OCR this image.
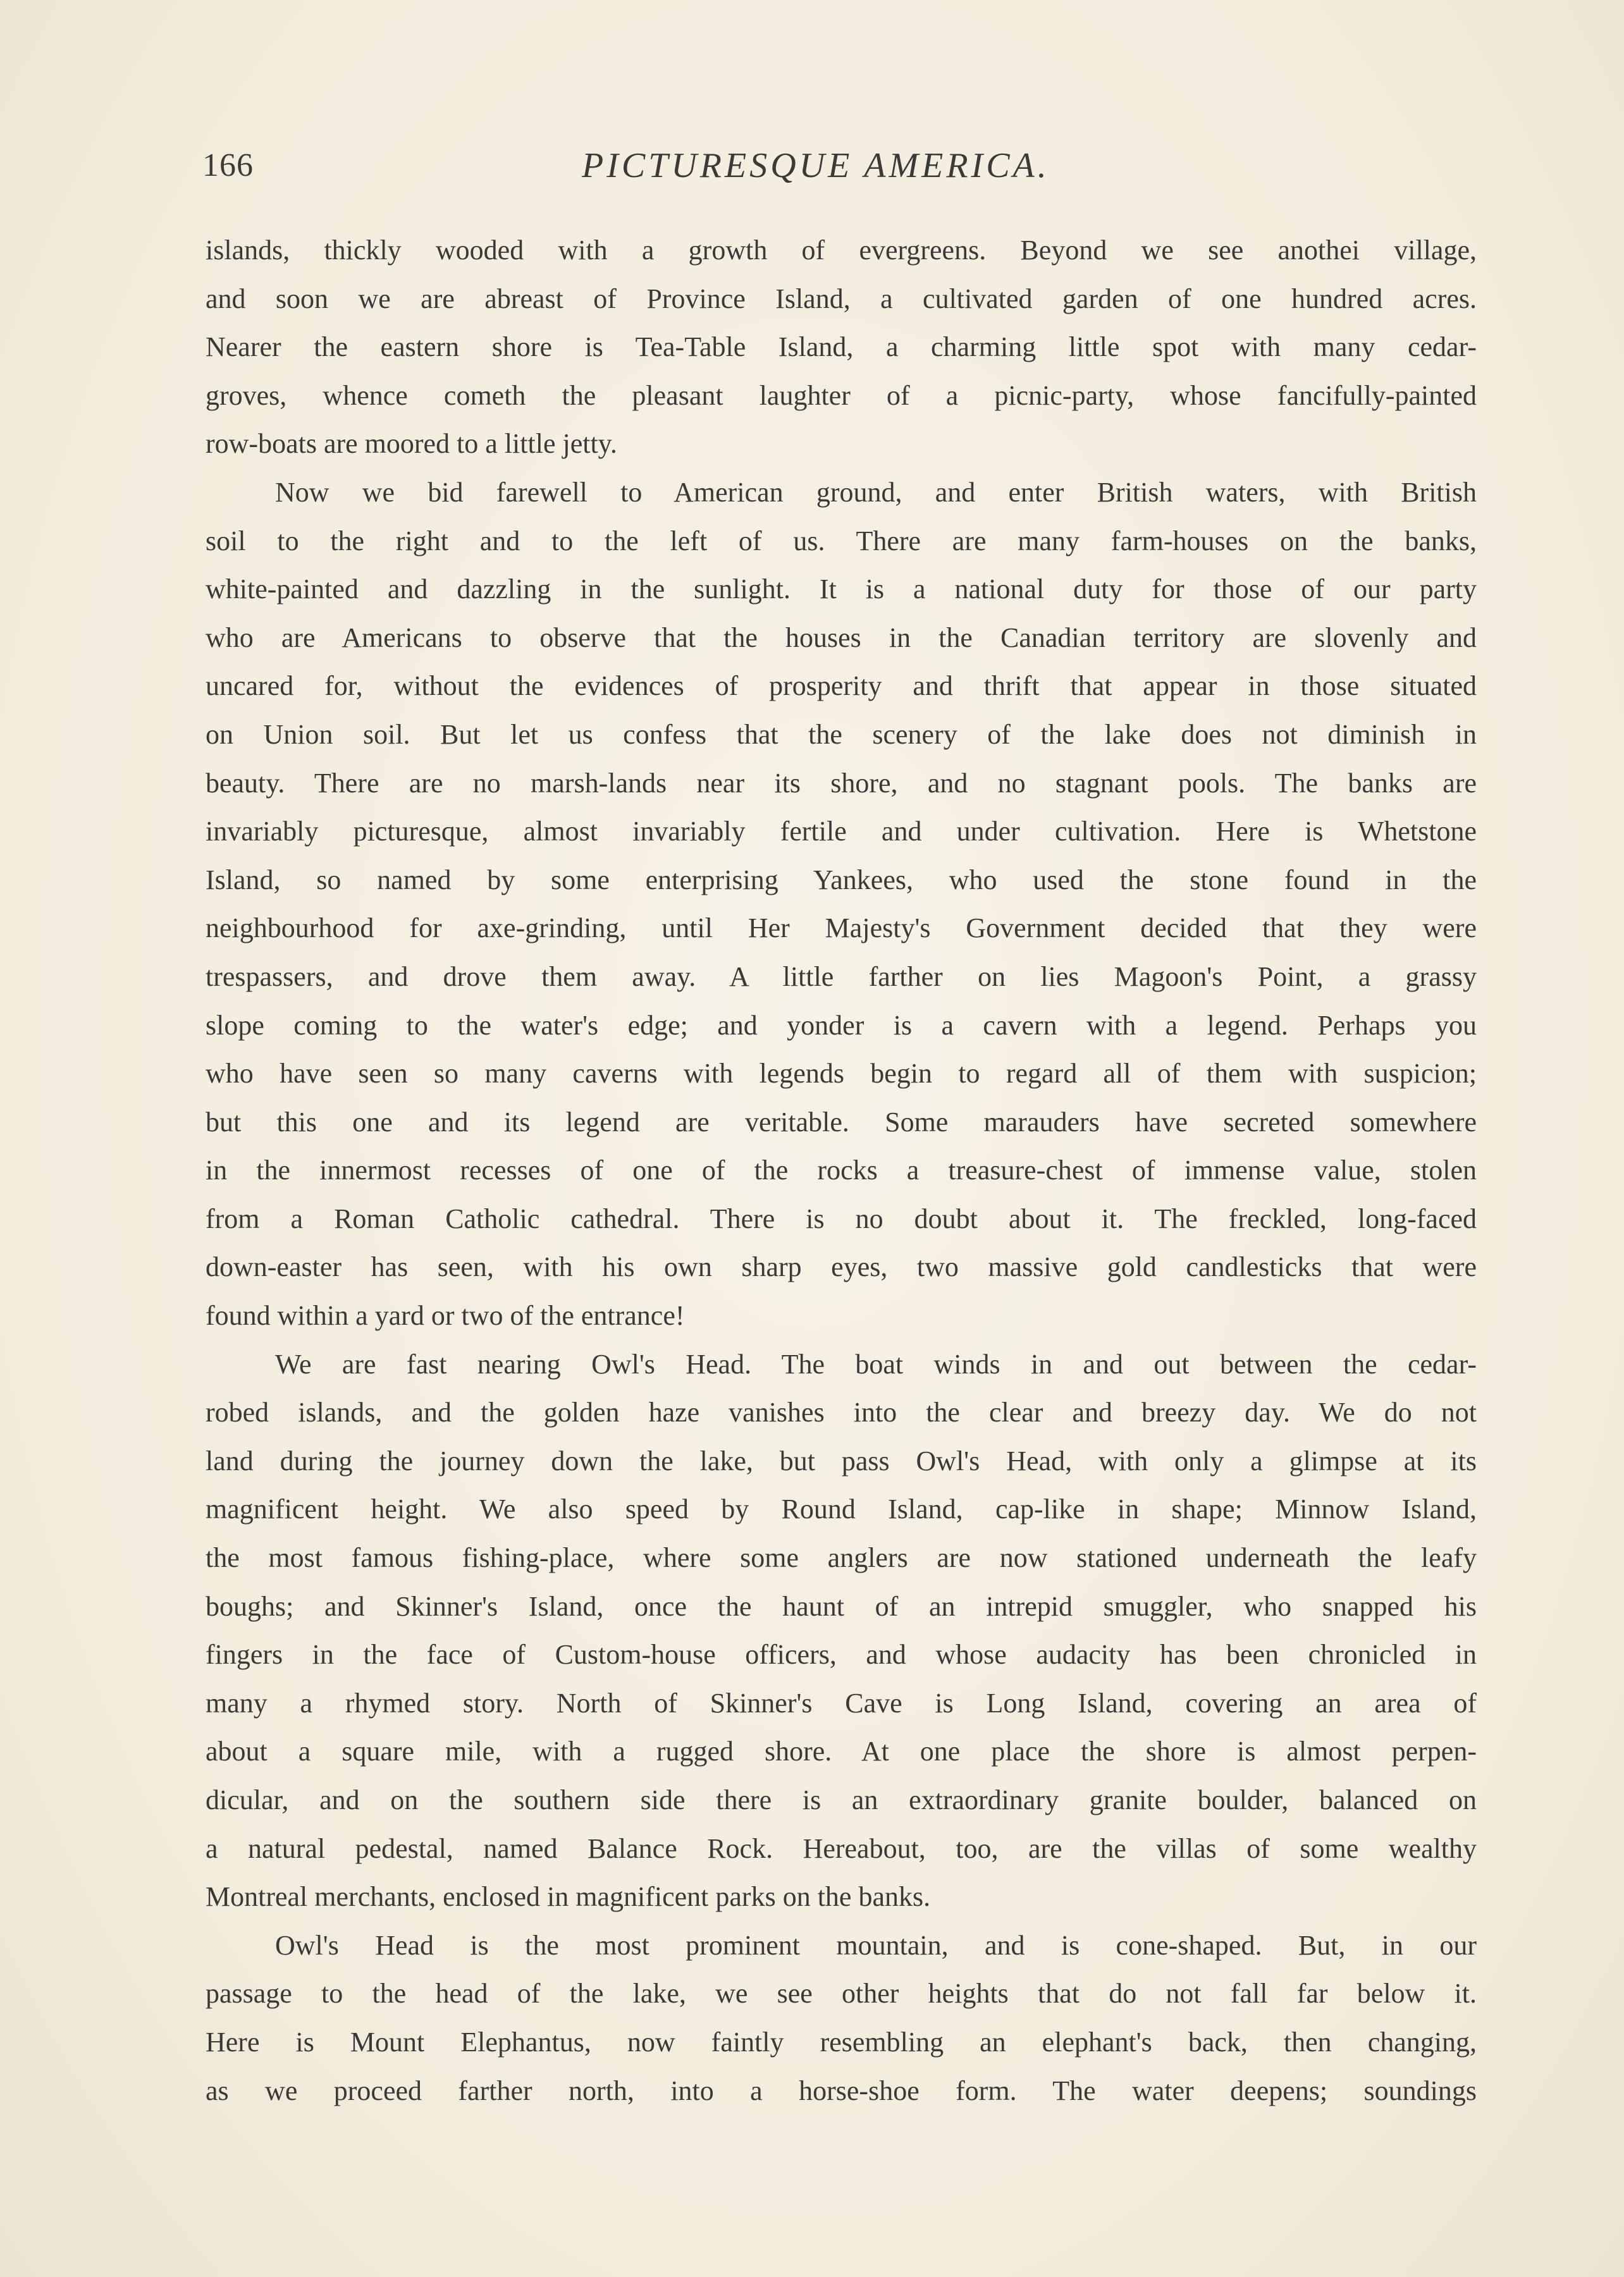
166	PICTURESQUE AMERICA.
islands, thickly wooded with a growth of evergreens. Beyond we see anothei village,
and soon we are abreast of Province Island, a cultivated garden of one hundred acres.
Nearer the eastern shore is Tea-Table Island, a charming little spot with many cedar-
groves, whence cometh the pleasant laughter of a picnic-party, whose fancifully-painted
row-boats are moored to a little jetty.
Now we bid farewell to American ground, and enter British waters, with British
soil to the right and to the left of us. There are many farm-houses on the banks,
white-painted and dazzling in the sunlight. It is a national duty for those of our party
who are Americans to observe that the houses in the Canadian territory are slovenly and
uncared for, without the evidences of prosperity and thrift that appear in those situated
on Union soil. But let us confess that the scenery of the lake does not diminish in
beauty. There are no marsh-lands near its shore, and no stagnant pools. The banks are
invariably picturesque, almost invariably fertile and under cultivation. Here is Whetstone
Island, so named by some enterprising Yankees, who used the stone found in the
neighbourhood for axe-grinding, until Her Majesty's Government decided that they were
trespassers, and drove them away. A little farther on lies Magoon's Point, a grassy
slope coming to the water's edge; and yonder is a cavern with a legend. Perhaps you
who have seen so many caverns with legends begin to regard all of them with suspicion;
but this one and its legend are veritable. Some marauders have secreted somewhere
in the innermost recesses of one of the rocks a treasure-chest of immense value, stolen
from a Roman Catholic cathedral. There is no doubt about it. The freckled, long-faced
down-easter has seen, with his own sharp eyes, two massive gold candlesticks that were
found within a yard or two of the entrance!
We are fast nearing Owl's Head. The boat winds in and out between the cedar-
robed islands, and the golden haze vanishes into the clear and breezy day. We do not
land during the journey down the lake, but pass Owl's Head, with only a glimpse at its
magnificent height. We also speed by Round Island, cap-like in shape; Minnow Island,
the most famous fishing-place, where some anglers are now stationed underneath the leafy
boughs; and Skinner's Island, once the haunt of an intrepid smuggler, who snapped his
fingers in the face of Custom-house officers, and whose audacity has been chronicled in
many a rhymed story. North of Skinner's Cave is Long Island, covering an area of
about a square mile, with a rugged shore. At one place the shore is almost perpen-
dicular, and on the southern side there is an extraordinary granite boulder, balanced on
a natural pedestal, named Balance Rock. Hereabout, too, are the villas of some wealthy
Montreal merchants, enclosed in magnificent parks on the banks.
Owl's Head is the most prominent mountain, and is cone-shaped. But, in our
passage to the head of the lake, we see other heights that do not fall far below it.
Here is Mount Elephantus, now faintly resembling an elephant's back, then changing,
as we proceed farther north, into a horse-shoe form. The water deepens; soundings
